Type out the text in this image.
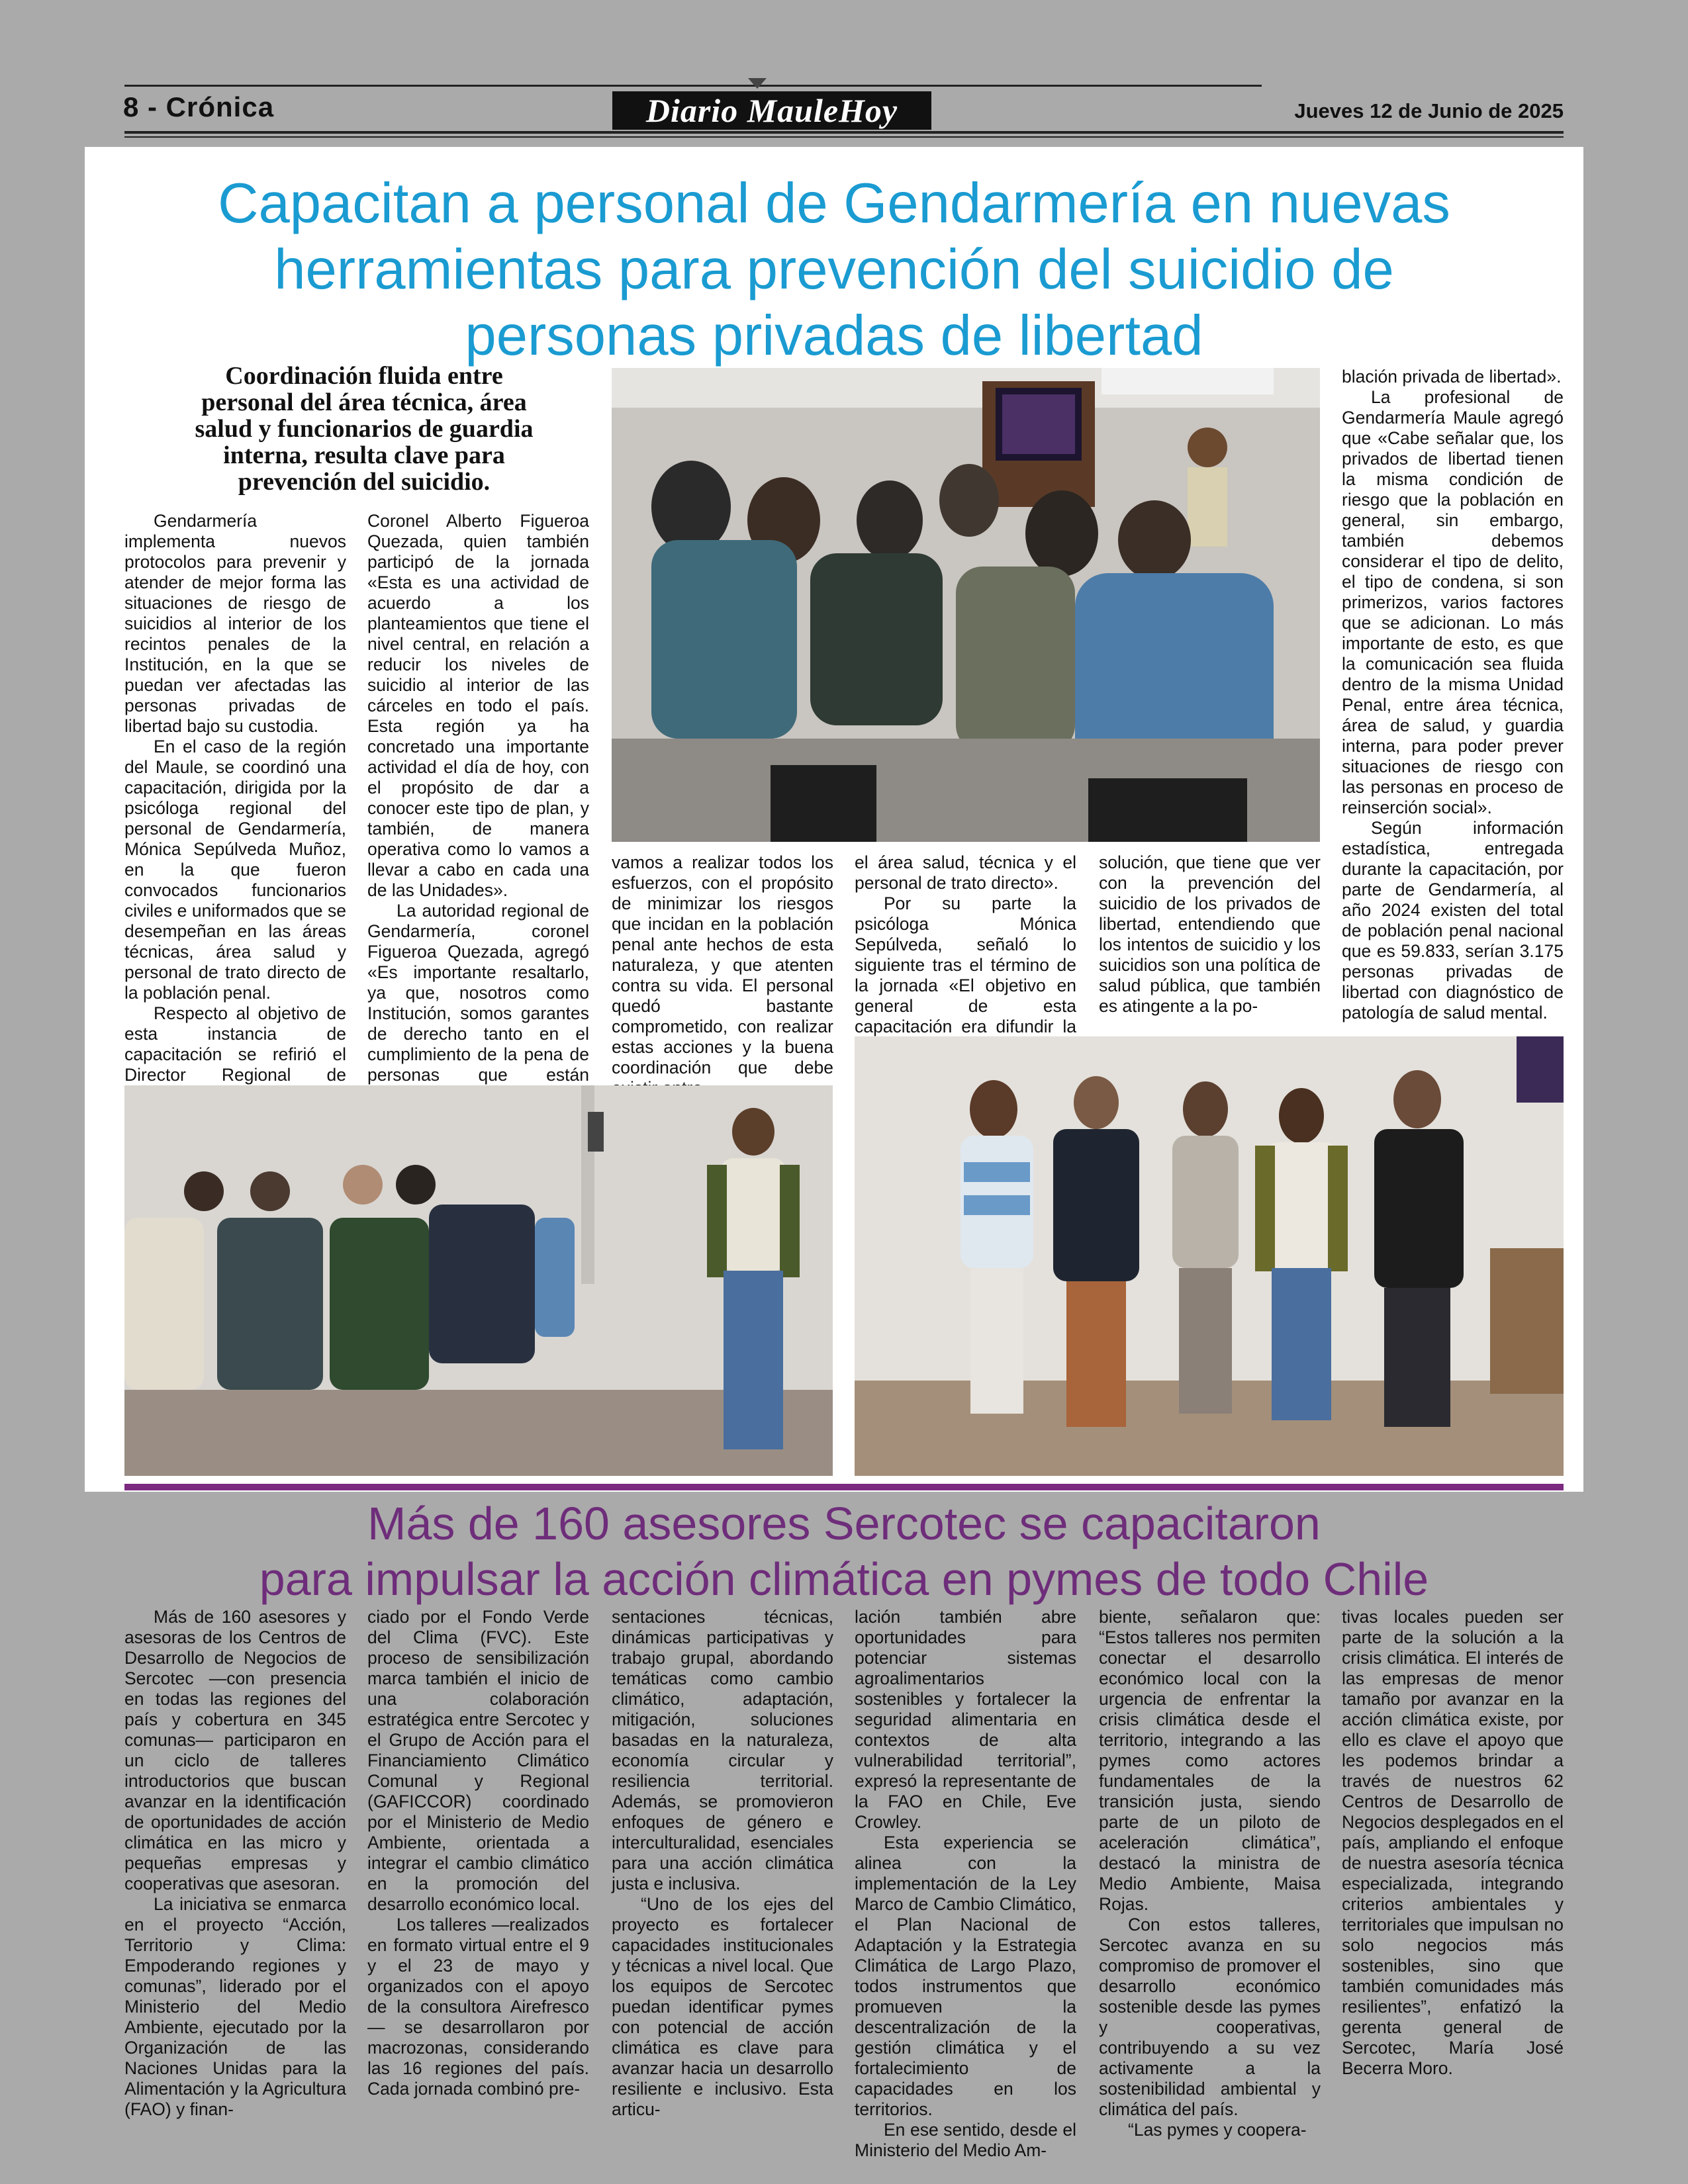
8 - Crónica	Diario MauleHoy	Jueves 12 de Junio de 2025
Capacitan a personal de Gendarmería en nuevas
herramientas para prevención del suicidio de
personas privadas de libertad
Coordinación fluida entre
personal del área técnica, área
salud y funcionarios de guardia
interna, resulta clave para
prevención del suicidio.

Gendarmería implementa nuevos protocolos para prevenir y atender de mejor forma las situaciones de riesgo de suicidios al interior de los recintos penales de la Institución, en la que se puedan ver afectadas las personas privadas de libertad bajo su custodia.

En el caso de la región del Maule, se coordinó una capacitación, dirigida por la psicóloga regional del personal de Gendarmería, Mónica Sepúlveda Muñoz, en la que fueron convocados funcionarios civiles e uniformados que se desempeñan en las áreas técnicas, área salud y personal de trato directo de la población penal.

Respecto al objetivo de esta instancia de capacitación se refirió el Director Regional de

Coronel Alberto Figueroa Quezada, quien también participó de la jornada «Esta es una actividad de acuerdo a los planteamientos que tiene el nivel central, en relación a reducir los niveles de suicidio al interior de las cárceles en todo el país. Esta región ya ha concretado una importante actividad el día de hoy, con el propósito de dar a conocer este tipo de plan, y también, de manera operativa como lo vamos a llevar a cabo en cada una de las Unidades».

La autoridad regional de Gendarmería, coronel Figueroa Quezada, agregó «Es importante resaltarlo, ya que, nosotros como Institución, somos garantes de derecho tanto en el cumplimiento de la pena de personas que están

vamos a realizar todos los esfuerzos, con el propósito de minimizar los riesgos que incidan en la población penal ante hechos de esta naturaleza, y que atenten contra su vida. El personal quedó bastante comprometido, con realizar estas acciones y la buena coordinación que debe

el área salud, técnica y el personal de trato directo».

Por su parte la psicóloga Mónica Sepúlveda, señaló lo siguiente tras el término de la jornada «El objetivo en general de esta capacitación era difundir la

solución, que tiene que ver con la prevención del suicidio de los privados de libertad, entendiendo que los intentos de suicidio y los suicidios son una política de salud pública, que también es atingente a la po-

blación privada de libertad».

La profesional de Gendarmería Maule agregó que «Cabe señalar que, los privados de libertad tienen la misma condición de riesgo que la población en general, sin embargo, también debemos considerar el tipo de delito, el tipo de condena, si son primerizos, varios factores que se adicionan. Lo más importante de esto, es que la comunicación sea fluida dentro de la misma Unidad Penal, entre área técnica, área de salud, y guardia interna, para poder prever situaciones de riesgo con las personas en proceso de reinserción social».

Según información estadística, entregada durante la capacitación, por parte de Gendarmería, al año 2024 existen del total de población penal nacional que es 59.833, serían 3.175 personas privadas de libertad con diagnóstico de patología de salud mental.

Más de 160 asesores Sercotec se capacitaron
para impulsar la acción climática en pymes de todo Chile

Más de 160 asesores y asesoras de los Centros de Desarrollo de Negocios de Sercotec —con presencia en todas las regiones del país y cobertura en 345 comunas— participaron en un ciclo de talleres introductorios que buscan avanzar en la identificación de oportunidades de acción climática en las micro y pequeñas empresas y cooperativas que asesoran.

La iniciativa se enmarca en el proyecto “Acción, Territorio y Clima: Empoderando regiones y comunas”, liderado por el Ministerio del Medio Ambiente, ejecutado por la Organización de las Naciones Unidas para la Alimentación y la Agricultura (FAO) y finan-

ciado por el Fondo Verde del Clima (FVC). Este proceso de sensibilización marca también el inicio de una colaboración estratégica entre Sercotec y el Grupo de Acción para el Financiamiento Climático Comunal y Regional (GAFICCOR) coordinado por el Ministerio de Medio Ambiente, orientada a integrar el cambio climático en la promoción del desarrollo económico local.

Los talleres —realizados en formato virtual entre el 9 y el 23 de mayo y organizados con el apoyo de la consultora Airefresco— se desarrollaron por macrozonas, considerando las 16 regiones del país. Cada jornada combinó pre-

sentaciones técnicas, dinámicas participativas y trabajo grupal, abordando temáticas como cambio climático, adaptación, mitigación, soluciones basadas en la naturaleza, economía circular y resiliencia territorial. Además, se promovieron enfoques de género e interculturalidad, esenciales para una acción climática justa e inclusiva.

“Uno de los ejes del proyecto es fortalecer capacidades institucionales y técnicas a nivel local. Que los equipos de Sercotec puedan identificar pymes con potencial de acción climática es clave para avanzar hacia un desarrollo resiliente e inclusivo. Esta articu-

lación también abre oportunidades para potenciar sistemas agroalimentarios sostenibles y fortalecer la seguridad alimentaria en contextos de alta vulnerabilidad territorial”, expresó la representante de la FAO en Chile, Eve Crowley.

Esta experiencia se alinea con la implementación de la Ley Marco de Cambio Climático, el Plan Nacional de Adaptación y la Estrategia Climática de Largo Plazo, todos instrumentos que promueven la descentralización de la gestión climática y el fortalecimiento de capacidades en los territorios.

En ese sentido, desde el Ministerio del Medio Am-

biente, señalaron que: “Estos talleres nos permiten conectar el desarrollo económico local con la urgencia de enfrentar la crisis climática desde el territorio, integrando a las pymes como actores fundamentales de la transición justa, siendo parte de un piloto de aceleración climática”, destacó la ministra de Medio Ambiente, Maisa Rojas.

Con estos talleres, Sercotec avanza en su compromiso de promover el desarrollo económico sostenible desde las pymes y cooperativas, contribuyendo a su vez activamente a la sostenibilidad ambiental y climática del país.

“Las pymes y coopera-

tivas locales pueden ser parte de la solución a la crisis climática. El interés de las empresas de menor tamaño por avanzar en la acción climática existe, por ello es clave el apoyo que les podemos brindar a través de nuestros 62 Centros de Desarrollo de Negocios desplegados en el país, ampliando el enfoque de nuestra asesoría técnica especializada, integrando criterios ambientales y territoriales que impulsan no solo negocios más sostenibles, sino que también comunidades más resilientes”, enfatizó la gerenta general de Sercotec, María José Becerra Moro.
